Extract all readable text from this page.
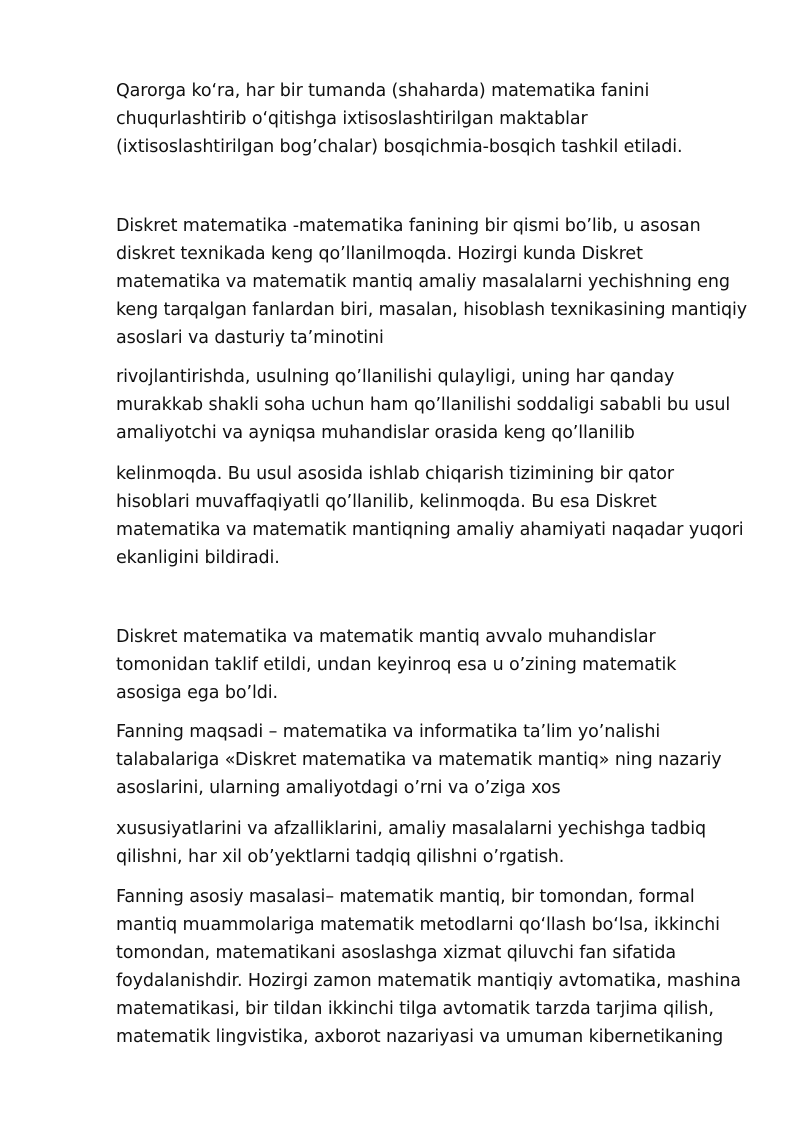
Qarorga ko‘ra, har bir tumanda (shaharda) matematika fanini
chuqurlashtirib o‘qitishga ixtisoslashtirilgan maktablar
(ixtisoslashtirilgan bog’chalar) bosqichmia-bosqich tashkil etiladi.

Diskret matematika -matematika fanining bir qismi bo’lib, u asosan
diskret texnikada keng qo’llanilmoqda. Hozirgi kunda Diskret
matematika va matematik mantiq amaliy masalalarni yechishning eng
keng tarqalgan fanlardan biri, masalan, hisoblash texnikasining mantiqiy
asoslari va dasturiy ta’minotini

rivojlantirishda, usulning qo’llanilishi qulayligi, uning har qanday
murakkab shakli soha uchun ham qo’llanilishi soddaligi sababli bu usul
amaliyotchi va ayniqsa muhandislar orasida keng qo’llanilib

kelinmoqda. Bu usul asosida ishlab chiqarish tizimining bir qator
hisoblari muvaffaqiyatli qo’llanilib, kelinmoqda. Bu esa Diskret
matematika va matematik mantiqning amaliy ahamiyati naqadar yuqori
ekanligini bildiradi.

Diskret matematika va matematik mantiq avvalo muhandislar
tomonidan taklif etildi, undan keyinroq esa u o’zining matematik
asosiga ega bo’ldi.

Fanning maqsadi – matematika va informatika ta’lim yo’nalishi
talabalariga «Diskret matematika va matematik mantiq» ning nazariy
asoslarini, ularning amaliyotdagi o’rni va o’ziga xos

xususiyatlarini va afzalliklarini, amaliy masalalarni yechishga tadbiq
qilishni, har xil ob’yektlarni tadqiq qilishni o’rgatish.

Fanning asosiy masalasi– matematik mantiq, bir tomondan, formal
mantiq muammolariga matematik metodlarni qo‘llash bo‘lsa, ikkinchi
tomondan, matematikani asoslashga xizmat qiluvchi fan sifatida
foydalanishdir. Hozirgi zamon matematik mantiqiy avtomatika, mashina
matematikasi, bir tildan ikkinchi tilga avtomatik tarzda tarjima qilish,
matematik lingvistika, axborot nazariyasi va umuman kibernetikaning
